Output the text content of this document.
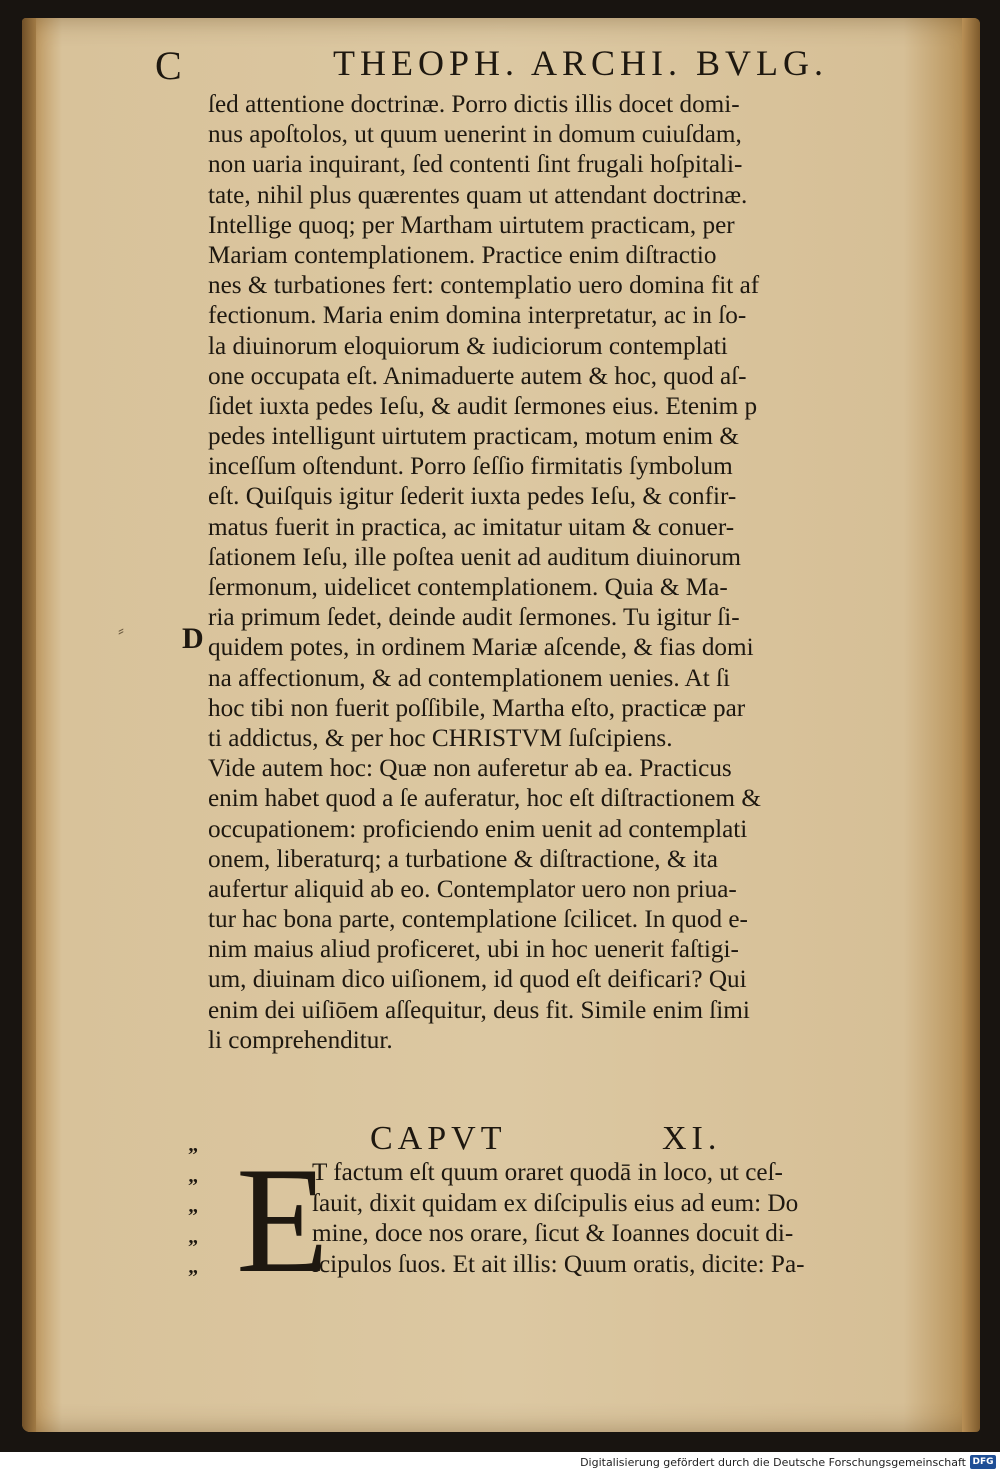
C	THEOPH. ARCHI. BVLG.
⸗ D
ſed attentione doctrinæ. Porro dictis illis docet domi-
nus apoſtolos, ut quum uenerint in domum cuiuſdam,
non uaria inquirant, ſed contenti ſint frugali hoſpitali-
tate, nihil plus quærentes quam ut attendant doctrinæ.
Intellige quoq; per Martham uirtutem practicam, per
Mariam contemplationem. Practice enim diſtractio
nes & turbationes fert: contemplatio uero domina fit af
fectionum. Maria enim domina interpretatur, ac in ſo-
la diuinorum eloquiorum & iudiciorum contemplati
one occupata eſt. Animaduerte autem & hoc, quod aſ-
ſidet iuxta pedes Ieſu, & audit ſermones eius. Etenim p
pedes intelligunt uirtutem practicam, motum enim &
inceſſum oſtendunt. Porro ſeſſio firmitatis ſymbolum
eſt. Quiſquis igitur ſederit iuxta pedes Ieſu, & confir-
matus fuerit in practica, ac imitatur uitam & conuer-
ſationem Ieſu, ille poſtea uenit ad auditum diuinorum
ſermonum, uidelicet contemplationem. Quia & Ma-
ria primum ſedet, deinde audit ſermones. Tu igitur ſi-
quidem potes, in ordinem Mariæ aſcende, & fias domi
na affectionum, & ad contemplationem uenies. At ſi
hoc tibi non fuerit poſſibile, Martha eſto, practicæ par
ti addictus, & per hoc CHRISTVM ſuſcipiens.
Vide autem hoc: Quæ non auferetur ab ea. Practicus
enim habet quod a ſe auferatur, hoc eſt diſtractionem &
occupationem: proficiendo enim uenit ad contemplati
onem, liberaturq; a turbatione & diſtractione, & ita
aufertur aliquid ab eo. Contemplator uero non priua-
tur hac bona parte, contemplatione ſcilicet. In quod e-
nim maius aliud proficeret, ubi in hoc uenerit faſtigi-
um, diuinam dico uiſionem, id quod eſt deificari? Qui
enim dei uiſiōem aſſequitur, deus fit. Simile enim ſimi
li comprehenditur.
CAPVT	XI.
”
”
”
”
” E
T factum eſt quum oraret quodā in loco, ut ceſ-
ſauit, dixit quidam ex diſcipulis eius ad eum: Do
mine, doce nos orare, ſicut & Ioannes docuit di-
ſcipulos ſuos. Et ait illis: Quum oratis, dicite: Pa-
Digitalisierung gefördert durch die Deutsche Forschungsgemeinschaft DFG
